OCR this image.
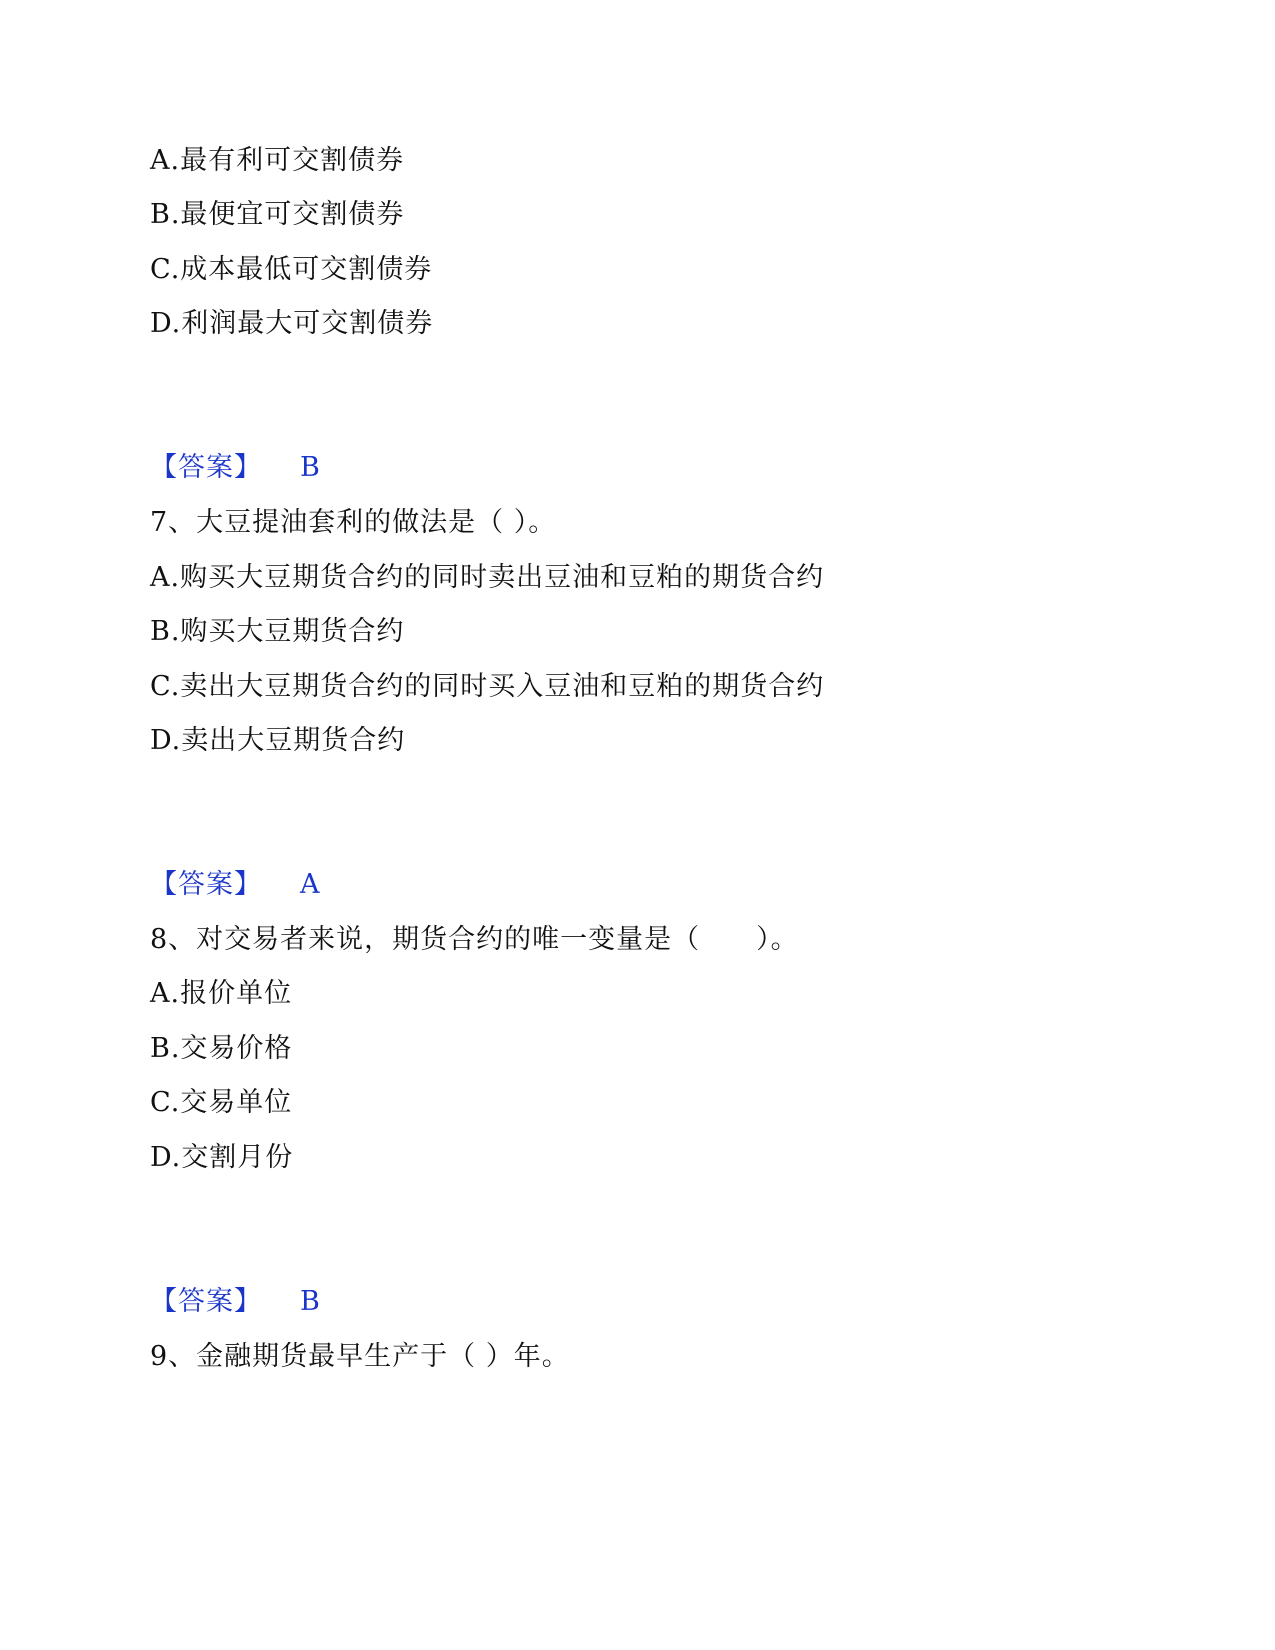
A.最有利可交割债券
B.最便宜可交割债券
C.成本最低可交割债券
D.利润最大可交割债券
【答案】 B
7、大豆提油套利的做法是（ ）。
A.购买大豆期货合约的同时卖出豆油和豆粕的期货合约
B.购买大豆期货合约
C.卖出大豆期货合约的同时买入豆油和豆粕的期货合约
D.卖出大豆期货合约
【答案】 A
8、对交易者来说，期货合约的唯一变量是（　　）。
A.报价单位
B.交易价格
C.交易单位
D.交割月份
【答案】 B
9、金融期货最早生产于（ ）年。
